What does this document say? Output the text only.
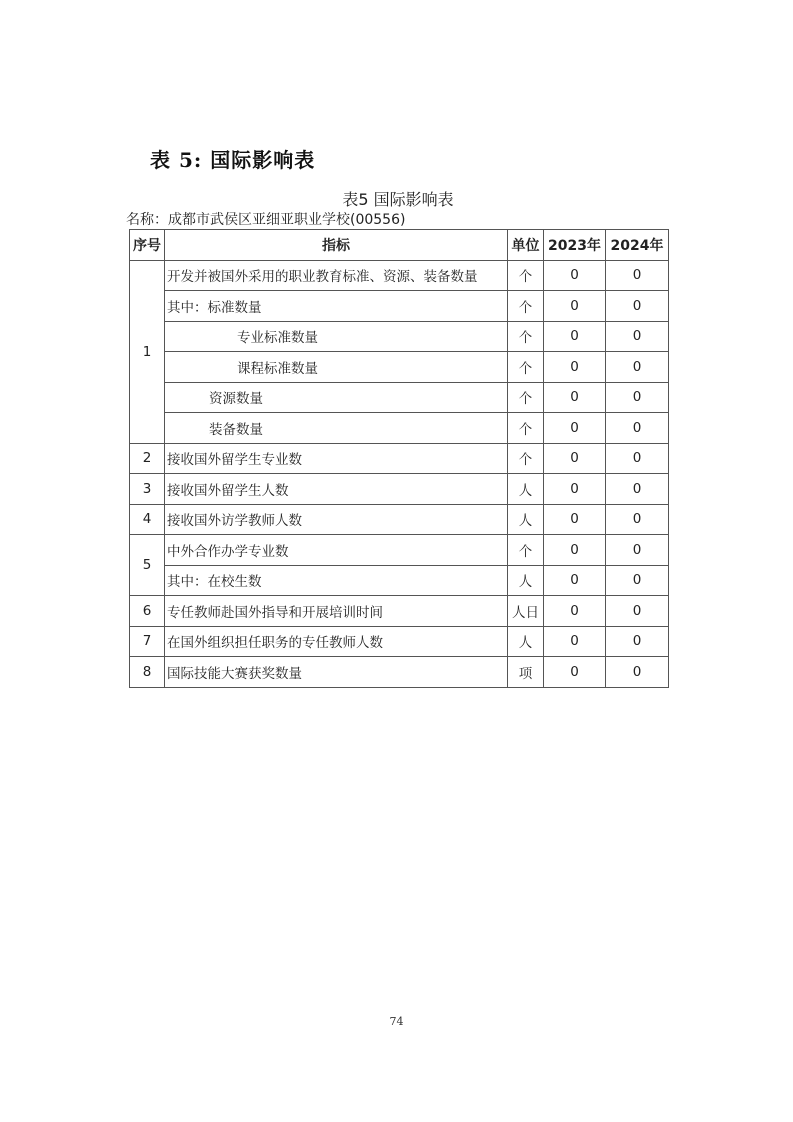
表 5: 国际影响表
表5 国际影响表
名称：成都市武侯区亚细亚职业学校(00556)
序号	指标	单位	2023年	2024年
1	开发并被国外采用的职业教育标准、资源、装备数量	个	0	0
	其中：标准数量	个	0	0
	专业标准数量	个	0	0
	课程标准数量	个	0	0
	资源数量	个	0	0
	装备数量	个	0	0
2	接收国外留学生专业数	个	0	0
3	接收国外留学生人数	人	0	0
4	接收国外访学教师人数	人	0	0
5	中外合作办学专业数	个	0	0
	其中：在校生数	人	0	0
6	专任教师赴国外指导和开展培训时间	人日	0	0
7	在国外组织担任职务的专任教师人数	人	0	0
8	国际技能大赛获奖数量	项	0	0
74
